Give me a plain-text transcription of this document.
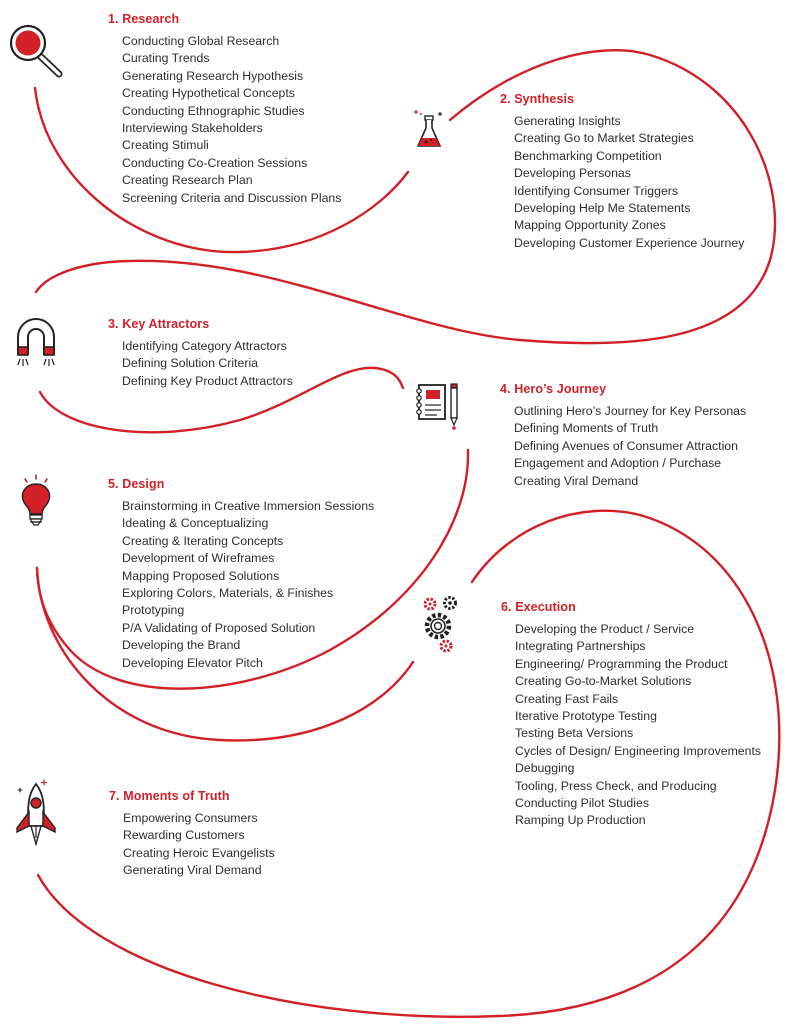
1. Research
Conducting Global Research
Curating Trends
Generating Research Hypothesis
Creating Hypothetical Concepts
Conducting Ethnographic Studies
Interviewing Stakeholders
Creating Stimuli
Conducting Co-Creation Sessions
Creating Research Plan
Screening Criteria and Discussion Plans
2. Synthesis
Generating Insights
Creating Go to Market Strategies
Benchmarking Competition
Developing Personas
Identifying Consumer Triggers
Developing Help Me Statements
Mapping Opportunity Zones
Developing Customer Experience Journey
3. Key Attractors
Identifying Category Attractors
Defining Solution Criteria
Defining Key Product Attractors
4. Hero’s Journey
Outlining Hero’s Journey for Key Personas
Defining Moments of Truth
Defining Avenues of Consumer Attraction
Engagement and Adoption / Purchase
Creating Viral Demand
5. Design
Brainstorming in Creative Immersion Sessions
Ideating & Conceptualizing
Creating & Iterating Concepts
Development of Wireframes
Mapping Proposed Solutions
Exploring Colors, Materials, & Finishes
Prototyping
P/A Validating of Proposed Solution
Developing the Brand
Developing Elevator Pitch
6. Execution
Developing the Product / Service
Integrating Partnerships
Engineering/ Programming the Product
Creating Go-to-Market Solutions
Creating Fast Fails
Iterative Prototype Testing
Testing Beta Versions
Cycles of Design/ Engineering Improvements
Debugging
Tooling, Press Check, and Producing
Conducting Pilot Studies
Ramping Up Production
7. Moments of Truth
Empowering Consumers
Rewarding Customers
Creating Heroic Evangelists
Generating Viral Demand
